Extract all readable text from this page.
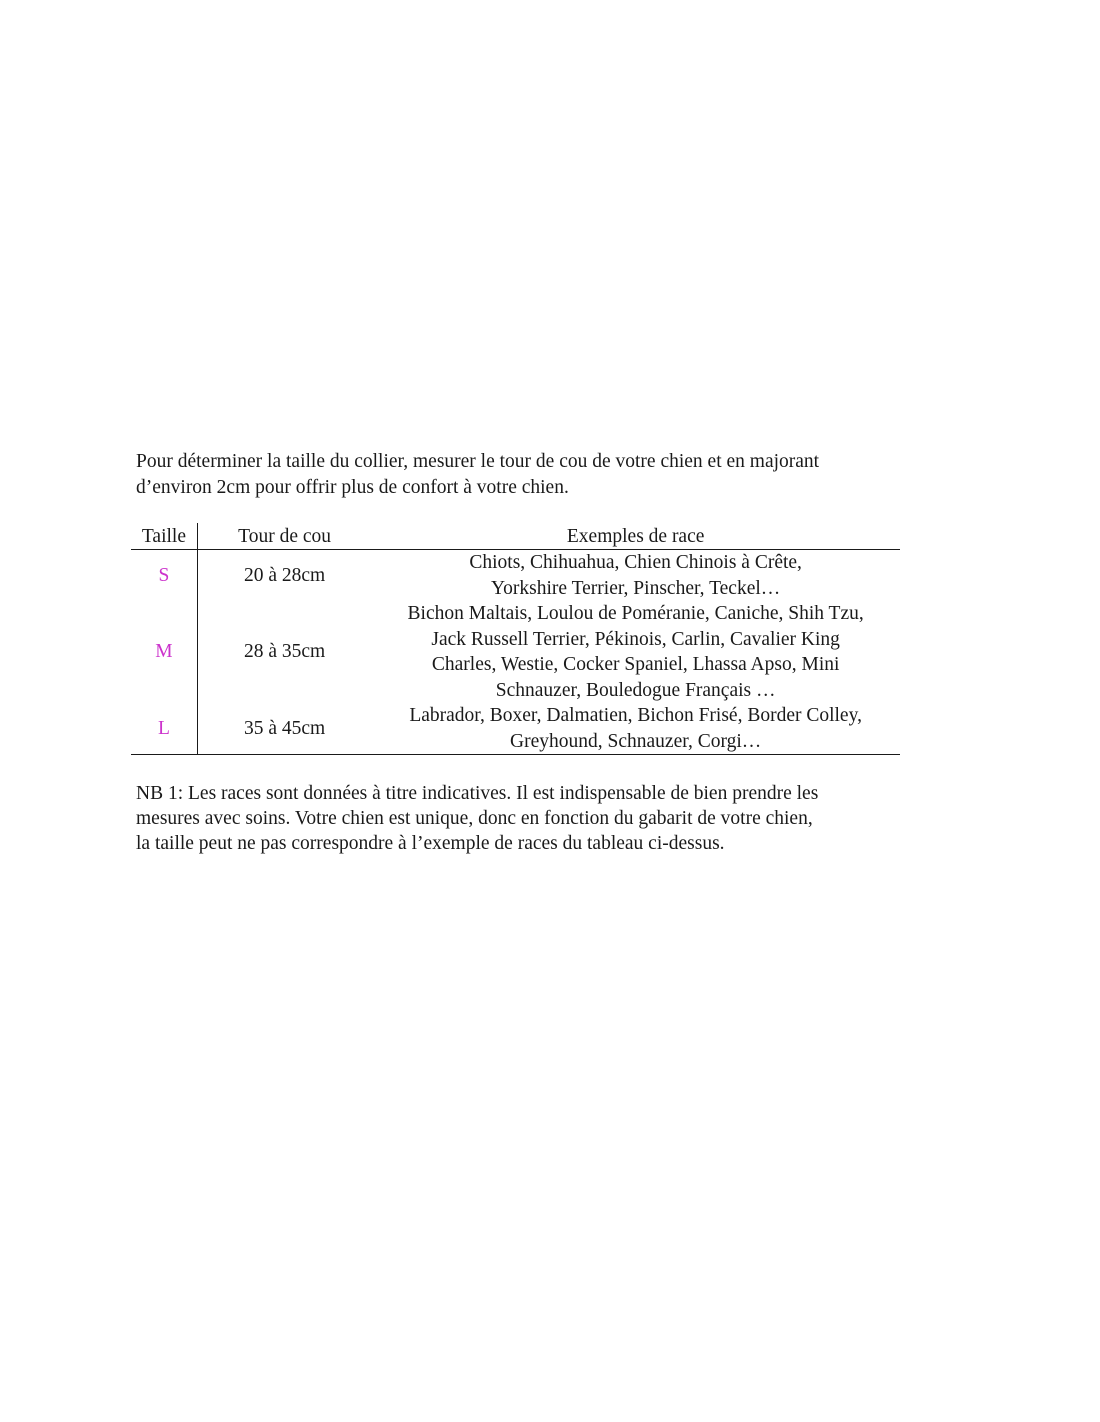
Pour déterminer la taille du collier, mesurer le tour de cou de votre chien et en majorant
d’environ 2cm pour offrir plus de confort à votre chien.

Taille	Tour de cou	Exemples de race
S	20 à 28cm	Chiots, Chihuahua, Chien Chinois à Crête,
Yorkshire Terrier, Pinscher, Teckel…

M	28 à 35cm	Bichon Maltais, Loulou de Poméranie, Caniche, Shih Tzu,
Jack Russell Terrier, Pékinois, Carlin, Cavalier King
Charles, Westie, Cocker Spaniel, Lhassa Apso, Mini
Schnauzer, Bouledogue Français …

L	35 à 45cm	Labrador, Boxer, Dalmatien, Bichon Frisé, Border Colley,
Greyhound, Schnauzer, Corgi…

NB 1: Les races sont données à titre indicatives. Il est indispensable de bien prendre les
mesures avec soins. Votre chien est unique, donc en fonction du gabarit de votre chien,
la taille peut ne pas correspondre à l’exemple de races du tableau ci-dessus.
